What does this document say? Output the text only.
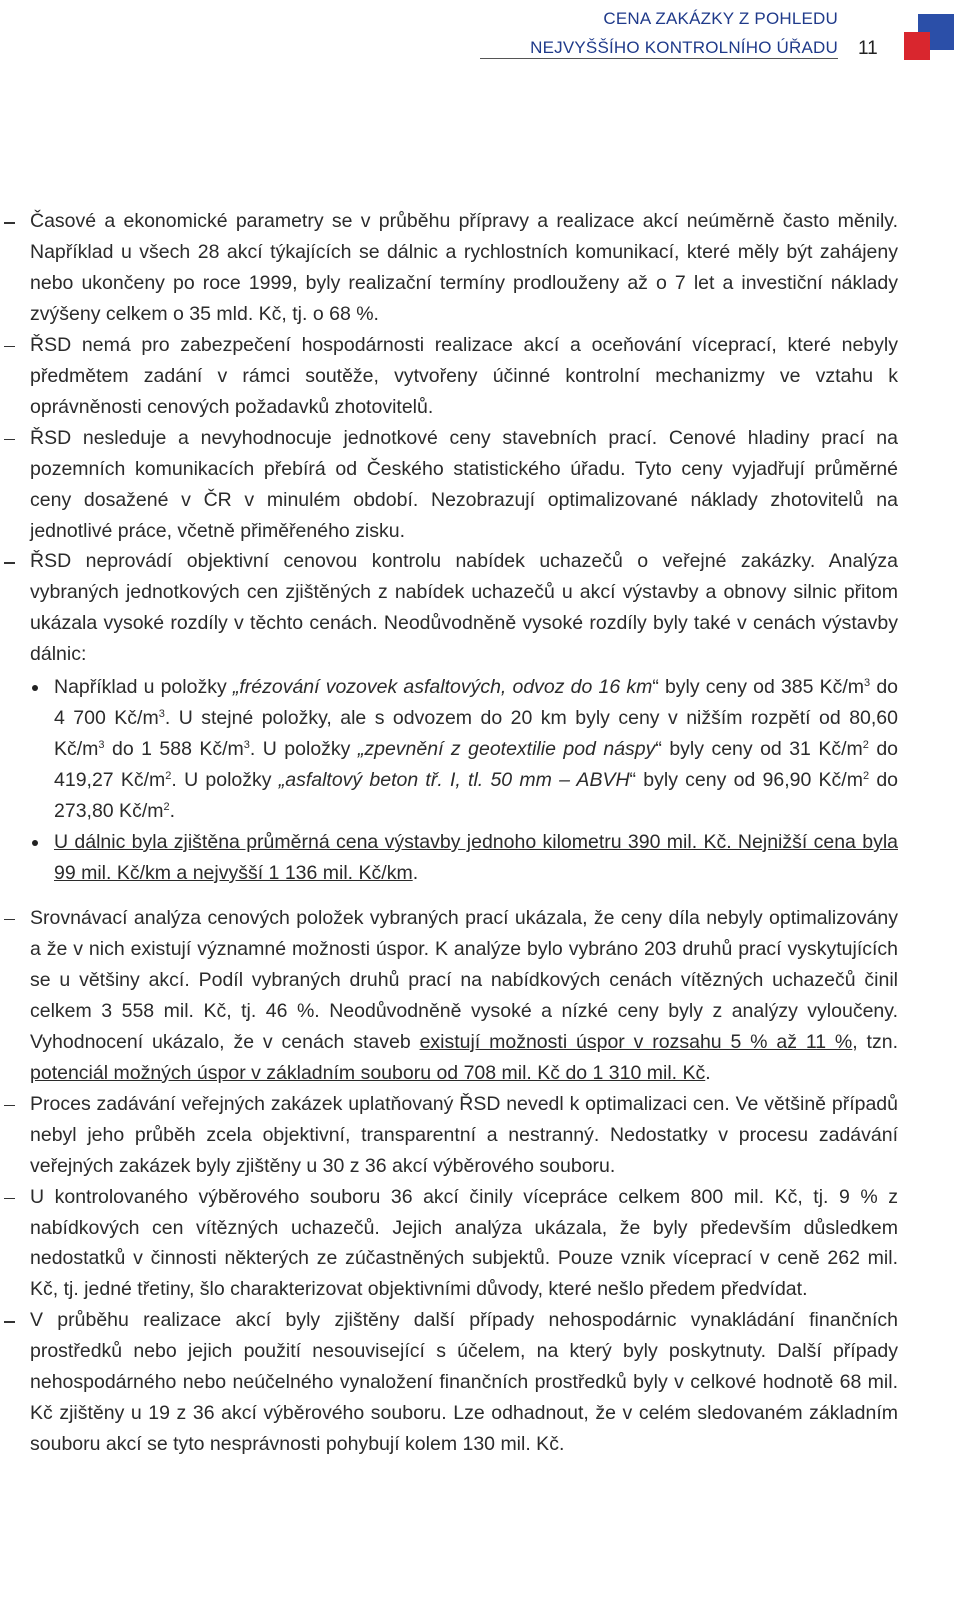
CENA ZAKÁZKY Z POHLEDU
NEJVYŠŠÍHO KONTROLNÍHO ÚŘADU 11

Časové a ekonomické parametry se v průběhu přípravy a realizace akcí neúměrně často měnily. Například u všech 28 akcí týkajících se dálnic a rychlostních komunikací, které měly být zahájeny nebo ukončeny po roce 1999, byly realizační termíny prodlouženy až o 7 let a investiční náklady zvýšeny celkem o 35 mld. Kč, tj. o 68 %.

ŘSD nemá pro zabezpečení hospodárnosti realizace akcí a oceňování víceprací, které nebyly předmětem zadání v rámci soutěže, vytvořeny účinné kontrolní mechanizmy ve vztahu k oprávněnosti cenových požadavků zhotovitelů.

ŘSD nesleduje a nevyhodnocuje jednotkové ceny stavebních prací. Cenové hladiny prací na pozemních komunikacích přebírá od Českého statistického úřadu. Tyto ceny vyjadřují průměrné ceny dosažené v ČR v minulém období. Nezobrazují optimalizované náklady zhotovitelů na jednotlivé práce, včetně přiměřeného zisku.

ŘSD neprovádí objektivní cenovou kontrolu nabídek uchazečů o veřejné zakázky. Analýza vybraných jednotkových cen zjištěných z nabídek uchazečů u akcí výstavby a obnovy silnic přitom ukázala vysoké rozdíly v těchto cenách. Neodůvodněně vysoké rozdíly byly také v cenách výstavby dálnic:

Například u položky „frézování vozovek asfaltových, odvoz do 16 km“ byly ceny od 385 $Kč/m^3$ do 4 700 $Kč/m^3$. U stejné položky, ale s odvozem do 20 km byly ceny v nižším rozpětí od 80,60 $Kč/m^3$ do 1 588 $Kč/m^3$. U položky „zpevnění z geotextilie pod náspy“ byly ceny od 31 $Kč/m^2$ do 419,27 $Kč/m^2$. U položky „asfaltový beton tř. I, tl. 50 mm – ABVH“ byly ceny od 96,90 $Kč/m^2$ do 273,80 $Kč/m^2$.

U dálnic byla zjištěna průměrná cena výstavby jednoho kilometru 390 mil. Kč. Nejnižší cena byla 99 mil. Kč/km a nejvyšší 1 136 mil. Kč/km.

Srovnávací analýza cenových položek vybraných prací ukázala, že ceny díla nebyly optimalizovány a že v nich existují významné možnosti úspor. K analýze bylo vybráno 203 druhů prací vyskytujících se u většiny akcí. Podíl vybraných druhů prací na nabídkových cenách vítězných uchazečů činil celkem 3 558 mil. Kč, tj. 46 %. Neodůvodněně vysoké a nízké ceny byly z analýzy vyloučeny. Vyhodnocení ukázalo, že v cenách staveb existují možnosti úspor v rozsahu 5 % až 11 %, tzn. potenciál možných úspor v základním souboru od 708 mil. Kč do 1 310 mil. Kč.

Proces zadávání veřejných zakázek uplatňovaný ŘSD nevedl k optimalizaci cen. Ve většině případů nebyl jeho průběh zcela objektivní, transparentní a nestranný. Nedostatky v procesu zadávání veřejných zakázek byly zjištěny u 30 z 36 akcí výběrového souboru.

U kontrolovaného výběrového souboru 36 akcí činily vícepráce celkem 800 mil. Kč, tj. 9 % z nabídkových cen vítězných uchazečů. Jejich analýza ukázala, že byly především důsledkem nedostatků v činnosti některých ze zúčastněných subjektů. Pouze vznik víceprací v ceně 262 mil. Kč, tj. jedné třetiny, šlo charakterizovat objektivními důvody, které nešlo předem předvídat.

V průběhu realizace akcí byly zjištěny další případy nehospodárnic vynakládání finančních prostředků nebo jejich použití nesouvisející s účelem, na který byly poskytnuty. Další případy nehospodárného nebo neúčelného vynaložení finančních prostředků byly v celkové hodnotě 68 mil. Kč zjištěny u 19 z 36 akcí výběrového souboru. Lze odhadnout, že v celém sledovaném základním souboru akcí se tyto nesprávnosti pohybují kolem 130 mil. Kč.
